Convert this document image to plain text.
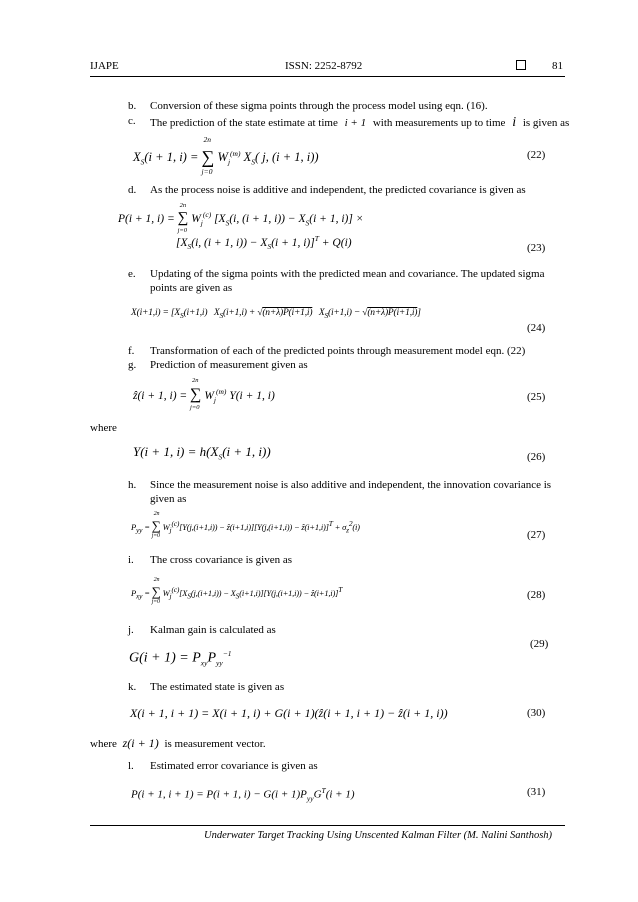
IJAPE	ISSN: 2252-8792	81
b. Conversion of these sigma points through the process model using eqn. (16).
c. The prediction of the state estimate at time i + 1 with measurements up to time i is given as
$X_S(i + 1$, i) = ∑
2n
j=0
$W_j^{(m)}$ $X_S$( j, (i + 1, i))	(22)
d. As the process noise is additive and independent, the predicted covariance is given as
P(i + 1, i) = ∑
2n
j=0
$W_j^{(c)}$ [$X_S(i$, (i + 1, $i)) - X_S(i + 1$, i)] ×
[$X_S(i$, (i + 1, $i)) - X_S(i + 1$, i)]$^T$ + Q(i)	(23)
e. Updating of the sigma points with the predicted mean and covariance. The updated sigma
points are given as
$X(i+1,i) = [X_S(i+1,i) X_S(i+1,i) + √(n+\lambda)P(i+1,i) X_S(i+1,i) - √(n+\lambda)P(i+1,i)]$
(24)
f. Transformation of each of the predicted points through measurement model eqn. (22)
g. Prediction of measurement given as
ẑ(i + 1, i) = ∑
2n
j=0
$W_j^{(m)}$ Y(i + 1, i)	(25)
where
Y(i + 1, $i) = h(X_S(i + 1$, i))	(26)
h. Since the measurement noise is also additive and independent, the innovation covariance is
given as
$P_{yy}$ = ∑
2n
j=0
$W_j^{(c)}[Y(j,(i+1,i))$ − ẑ(i+1,i)][Y(j,(i+1,i)) − ẑ(i+1,i)]$^T$ + $\sigma_z^2(i)$
(27)
i. The cross covariance is given as
$P_{xy}$ = ∑
2n
j=0
$W_j^{(c)}[X_S(j,(i+1,i)) - X_S(i+1,i)][Y(j,(i+1,i))$ − ẑ(i+1,i)]$^T$	(28)
j. Kalman gain is calculated as
(29)
$G(i + 1) = P_{xy}P_{yy}^{-1}$
k. The estimated state is given as
X(i + 1, i + 1) = X(i + 1, i) + G(i + 1)(ẑ(i + 1, i + 1) − ẑ(i + 1, i))	(30)
where z(i + 1) is measurement vector.
l. Estimated error covariance is given as
P(i + 1, i + 1) = P(i + 1, $i) - G(i + 1)P_{yy}G^T(i + 1)$	(31)
Underwater Target Tracking Using Unscented Kalman Filter (M. Nalini Santhosh)
